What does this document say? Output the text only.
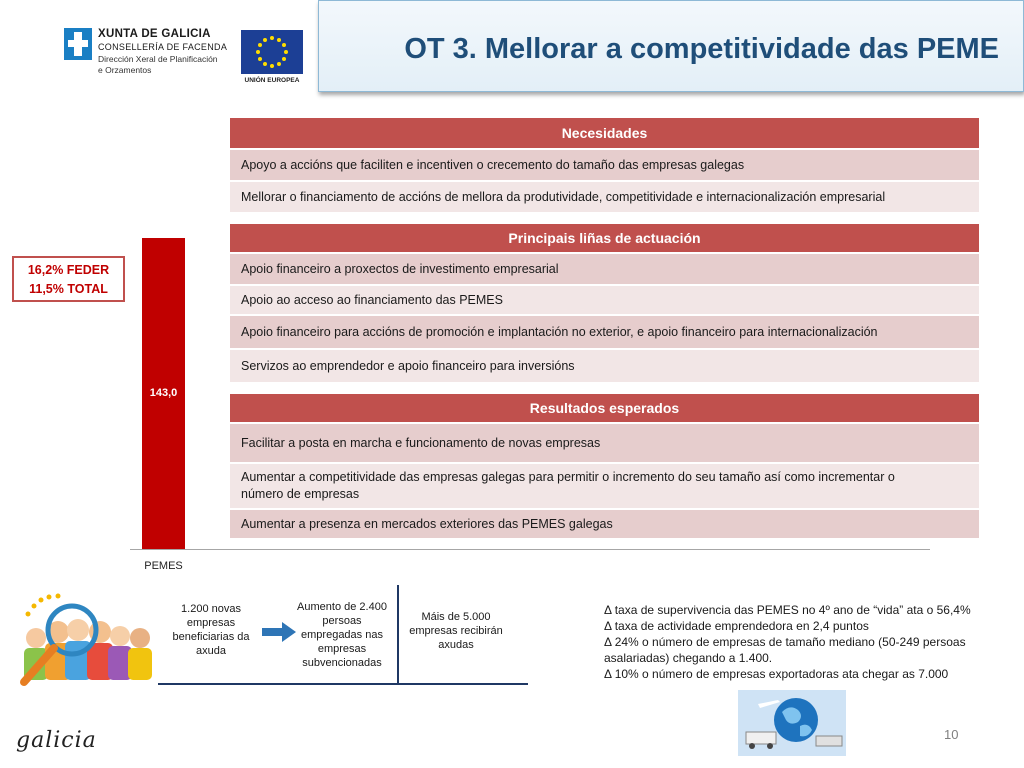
XUNTA DE GALICIA
CONSELLERÍA DE FACENDA
Dirección Xeral de Planificación
e Orzamentos
UNIÓN EUROPEA
OT 3. Mellorar a competitividade das PEME
16,2% FEDER
11,5% TOTAL
143,0
PEMES
Necesidades
Apoyo a accións que faciliten e incentiven o crecemento do tamaño das empresas galegas
Mellorar o financiamento de accións de mellora da produtividade, competitividade e internacionalización empresarial
Principais liñas de actuación
Apoio financeiro a proxectos de investimento empresarial
Apoio ao acceso ao financiamento das PEMES
Apoio financeiro para accións de promoción e implantación no exterior, e apoio financeiro para internacionalización
Servizos ao emprendedor e apoio financeiro para inversións
Resultados esperados
Facilitar a posta en marcha e funcionamento de novas empresas
Aumentar a competitividade das empresas galegas para permitir o incremento do seu tamaño así como incrementar o número de empresas
Aumentar a presenza en mercados exteriores das PEMES galegas
1.200 novas empresas beneficiarias da axuda
Aumento de 2.400 persoas empregadas nas empresas subvencionadas
Máis de 5.000 empresas recibirán axudas
Δ taxa de supervivencia das PEMES no 4º ano de “vida” ata o 56,4%
Δ taxa de actividade emprendedora en 2,4 puntos
Δ 24% o número de empresas de tamaño mediano (50-249 persoas asalariadas) chegando a 1.400.
Δ 10% o número de empresas exportadoras ata chegar as 7.000
galicia	10
